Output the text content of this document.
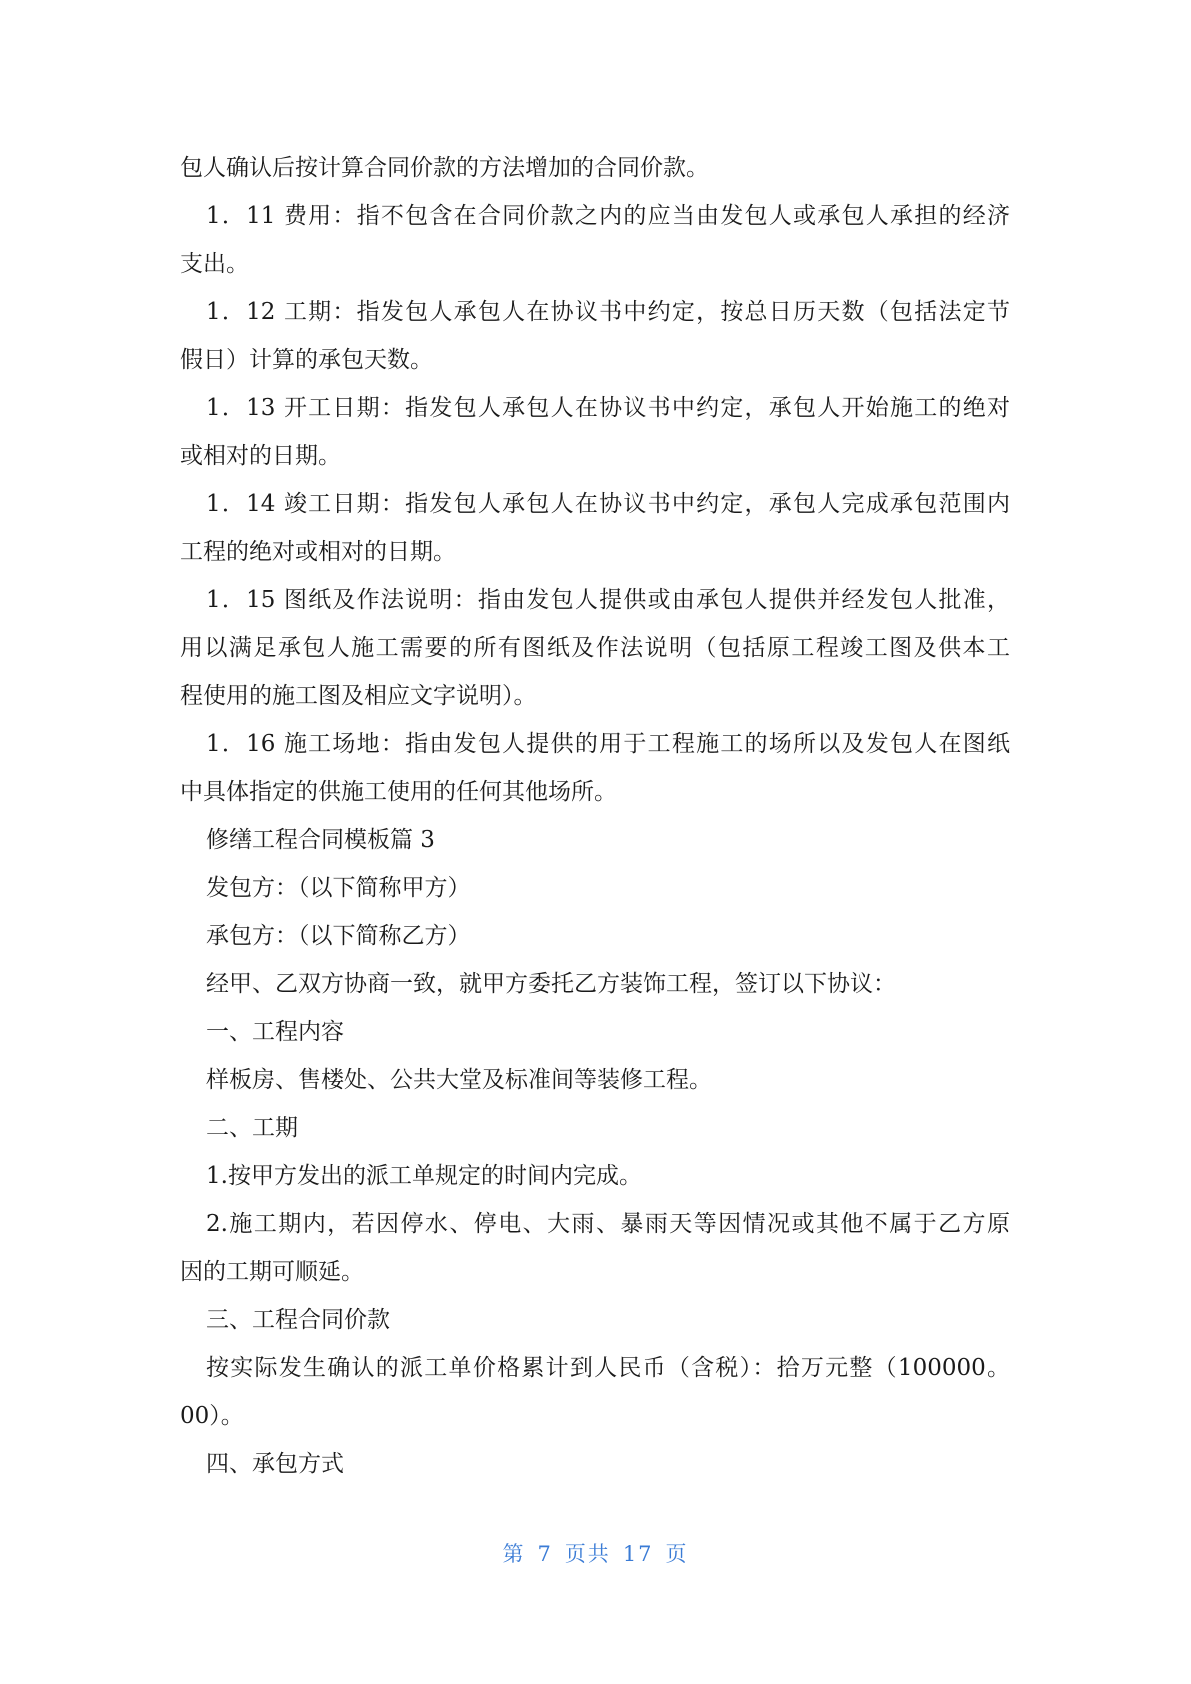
包人确认后按计算合同价款的方法增加的合同价款。
1．11 费用：指不包含在合同价款之内的应当由发包人或承包人承担的经济
支出。
1．12 工期：指发包人承包人在协议书中约定，按总日历天数（包括法定节
假日）计算的承包天数。
1．13 开工日期：指发包人承包人在协议书中约定，承包人开始施工的绝对
或相对的日期。
1．14 竣工日期：指发包人承包人在协议书中约定，承包人完成承包范围内
工程的绝对或相对的日期。
1．15 图纸及作法说明：指由发包人提供或由承包人提供并经发包人批准，
用以满足承包人施工需要的所有图纸及作法说明（包括原工程竣工图及供本工
程使用的施工图及相应文字说明）。
1．16 施工场地：指由发包人提供的用于工程施工的场所以及发包人在图纸
中具体指定的供施工使用的任何其他场所。
修缮工程合同模板篇 3
发包方：（以下简称甲方）
承包方：（以下简称乙方）
经甲、乙双方协商一致，就甲方委托乙方装饰工程，签订以下协议：
一、工程内容
样板房、售楼处、公共大堂及标准间等装修工程。
二、工期
1.按甲方发出的派工单规定的时间内完成。
2.施工期内，若因停水、停电、大雨、暴雨天等因情况或其他不属于乙方原
因的工期可顺延。
三、工程合同价款
按实际发生确认的派工单价格累计到人民币（含税）：拾万元整（100000。
00）。
四、承包方式
第 7 页共 17 页
